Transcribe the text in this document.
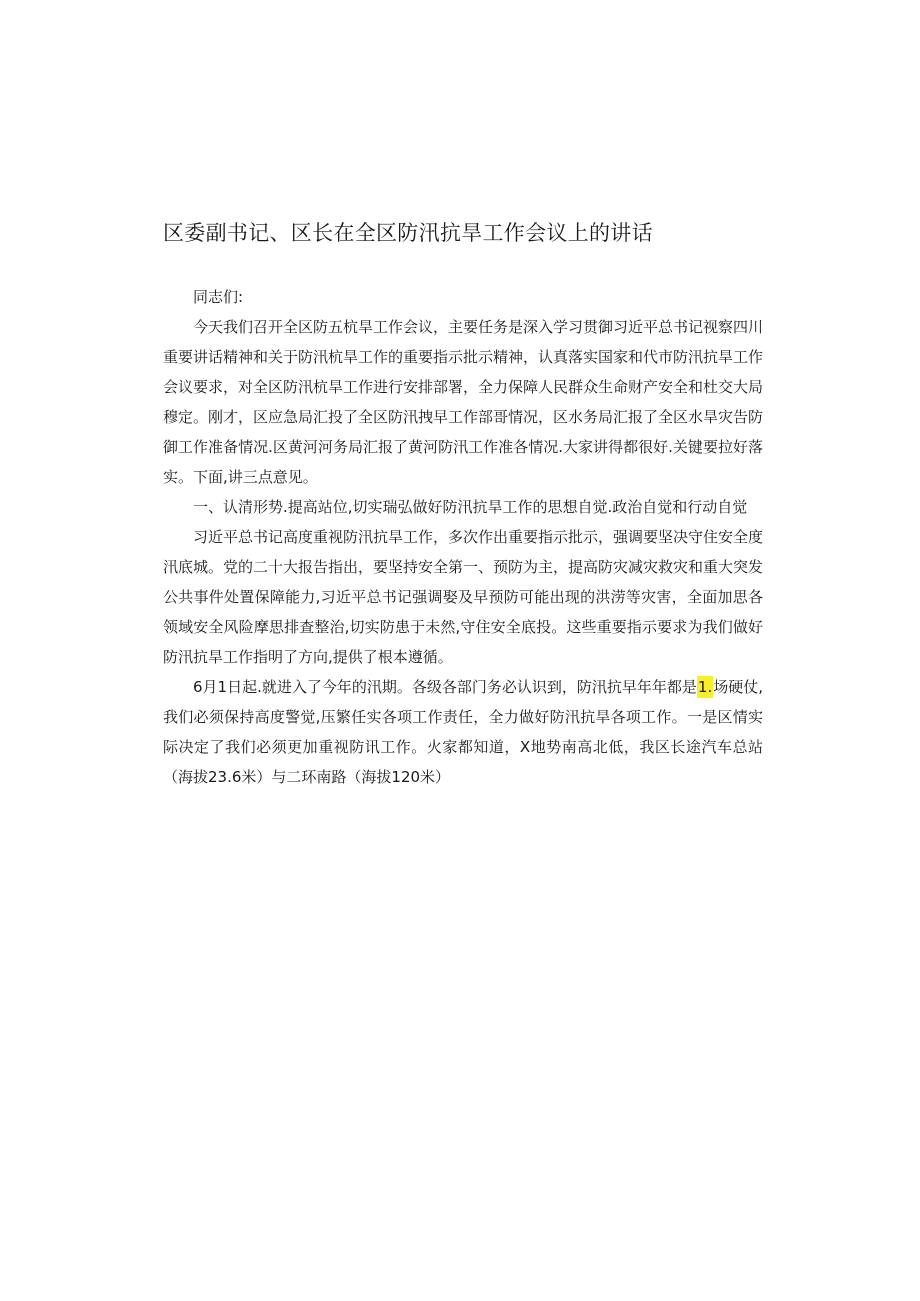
区委副书记、区长在全区防汛抗旱工作会议上的讲话

同志们:

今天我们召开全区防五杭旱工作会议，主要任务是深入学习贯御习近平总书记视察四川重要讲话精神和关于防汛杭旱工作的重要指示批示精神，认真落实国家和代市防汛抗旱工作会议要求，对全区防汛杭旱工作进行安排部署，全力保障人民群众生命财产安全和杜交大局穆定。刚才，区应急局汇投了全区防汛拽早工作部哥情况，区水务局汇报了全区水旱灾告防御工作准备情况.区黄河河务局汇报了黄河防汛工作准各情况.大家讲得都很好.关键要拉好落实。下面,讲三点意见。

一、认清形势.提高站位,切实瑞弘做好防汛抗旱工作的思想自觉.政治自觉和行动自觉

习近平总书记高度重视防汛抗旱工作，多次作出重要指示批示，强调要坚决守住安全度汛底城。党的二十大报告指出，要坚持安全第一、预防为主，提高防灾减灾救灾和重大突发公共事件处置保障能力,习近平总书记强调娶及早预防可能出现的洪涝等灾害，全面加思各领域安全风险摩思排查整治,切实防患于未然,守住安全底投。这些重要指示要求为我们做好防汛抗旱工作指明了方向,提供了根本遵循。

6月1日起.就进入了今年的汛期。各级各部门务必认识到，防汛抗早年年都是1.场硬仗,我们必须保持高度警觉,压繁任实各项工作责任，全力做好防汛抗旱各项工作。一是区情实际决定了我们必须更加重视防讯工作。火家都知道，X地势南高北低，我区长途汽车总站（海拔23.6米）与二环南路（海拔120米）
